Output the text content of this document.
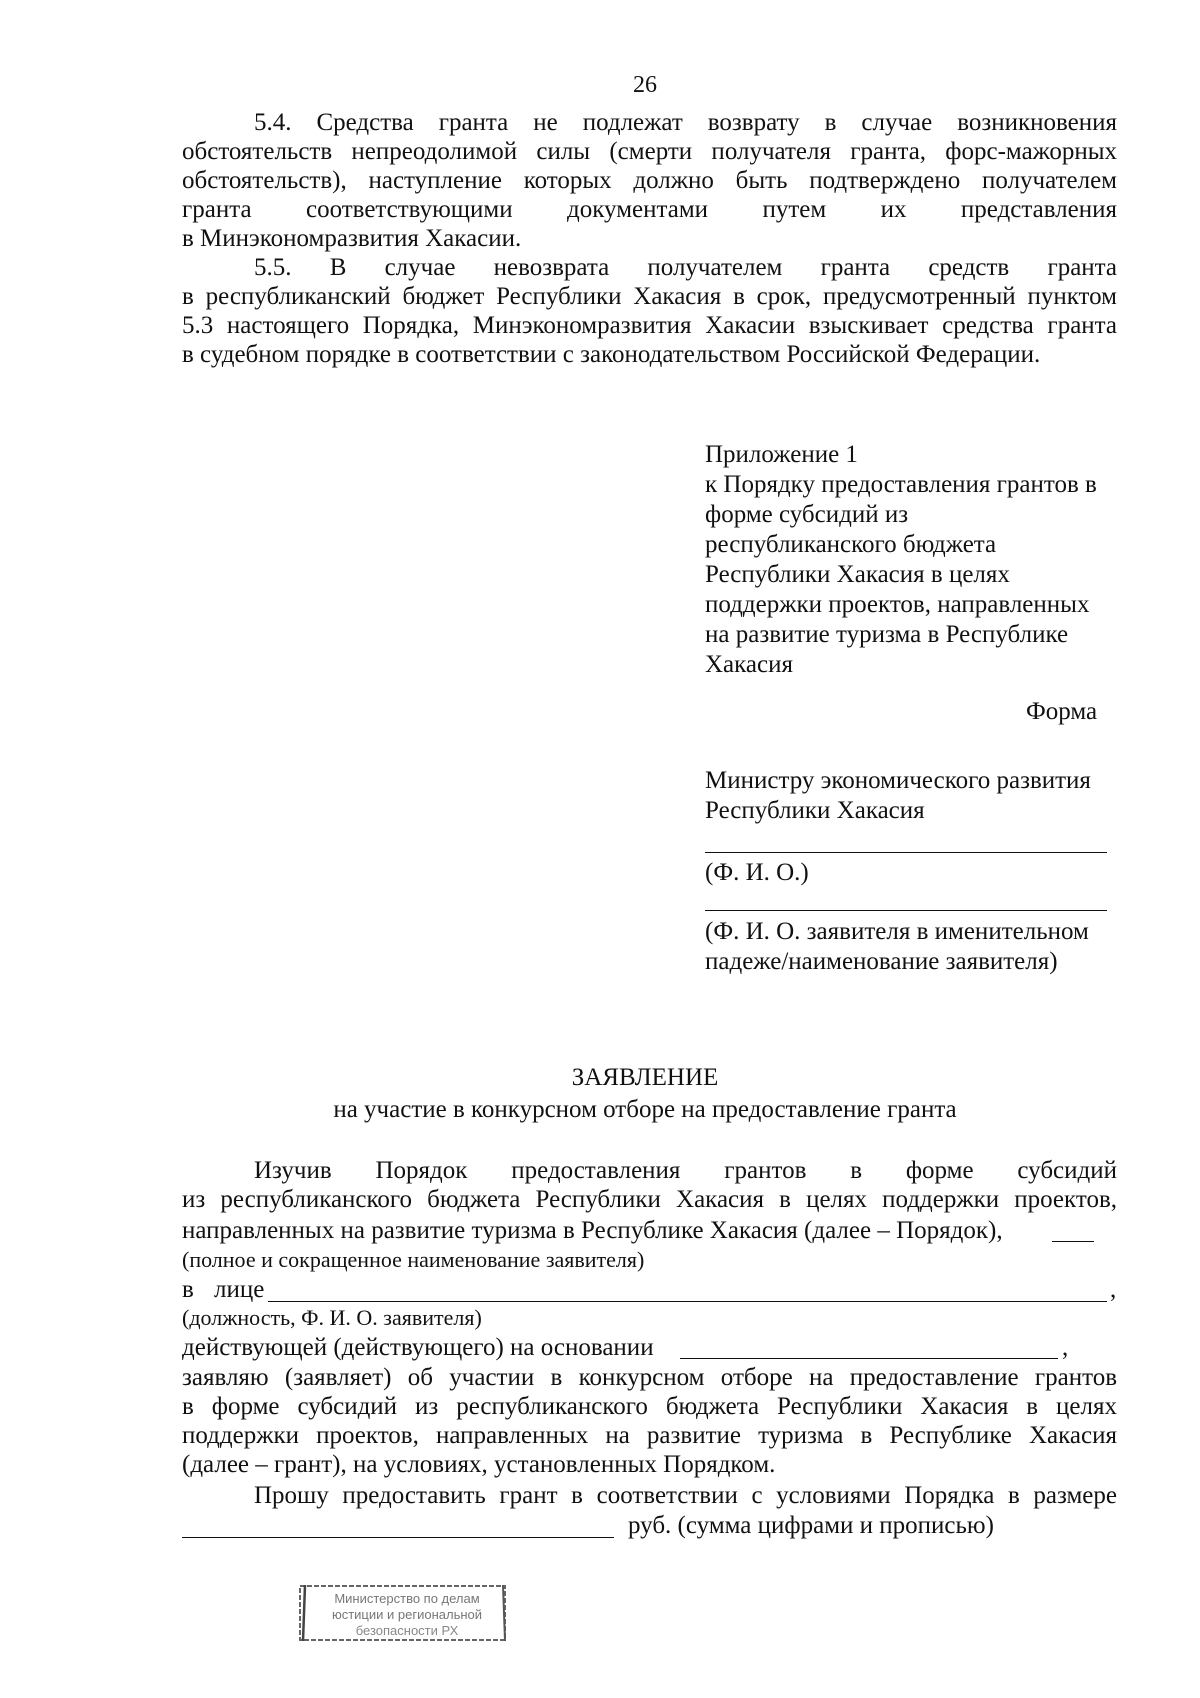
26
5.4. Средства гранта не подлежат возврату в случае возникновения
обстоятельств непреодолимой силы (смерти получателя гранта, форс-мажорных
обстоятельств), наступление которых должно быть подтверждено получателем
гранта соответствующими документами путем их представления
в Минэкономразвития Хакасии.
5.5. В случае невозврата получателем гранта средств гранта
в республиканский бюджет Республики Хакасия в срок, предусмотренный пунктом
5.3 настоящего Порядка, Минэкономразвития Хакасии взыскивает средства гранта
в судебном порядке в соответствии с законодательством Российской Федерации.
Приложение 1
к Порядку предоставления грантов в
форме субсидий из
республиканского бюджета
Республики Хакасия в целях
поддержки проектов, направленных
на развитие туризма в Республике
Хакасия
Форма
Министру экономического развития
Республики Хакасия
(Ф. И. О.)
(Ф. И. О. заявителя в именительном
падеже/наименование заявителя)
ЗАЯВЛЕНИЕ
на участие в конкурсном отборе на предоставление гранта
Изучив Порядок предоставления грантов в форме субсидий
из республиканского бюджета Республики Хакасия в целях поддержки проектов,
направленных на развитие туризма в Республике Хакасия (далее – Порядок),
(полное и сокращенное наименование заявителя)
в лице	,
(должность, Ф. И. О. заявителя)
действующей (действующего) на основании	,
заявляю (заявляет) об участии в конкурсном отборе на предоставление грантов
в форме субсидий из республиканского бюджета Республики Хакасия в целях
поддержки проектов, направленных на развитие туризма в Республике Хакасия
(далее – грант), на условиях, установленных Порядком.
Прошу предоставить грант в соответствии с условиями Порядка в размере
руб. (сумма цифрами и прописью)
Министерство по делам
юстиции и региональной
безопасности РХ
